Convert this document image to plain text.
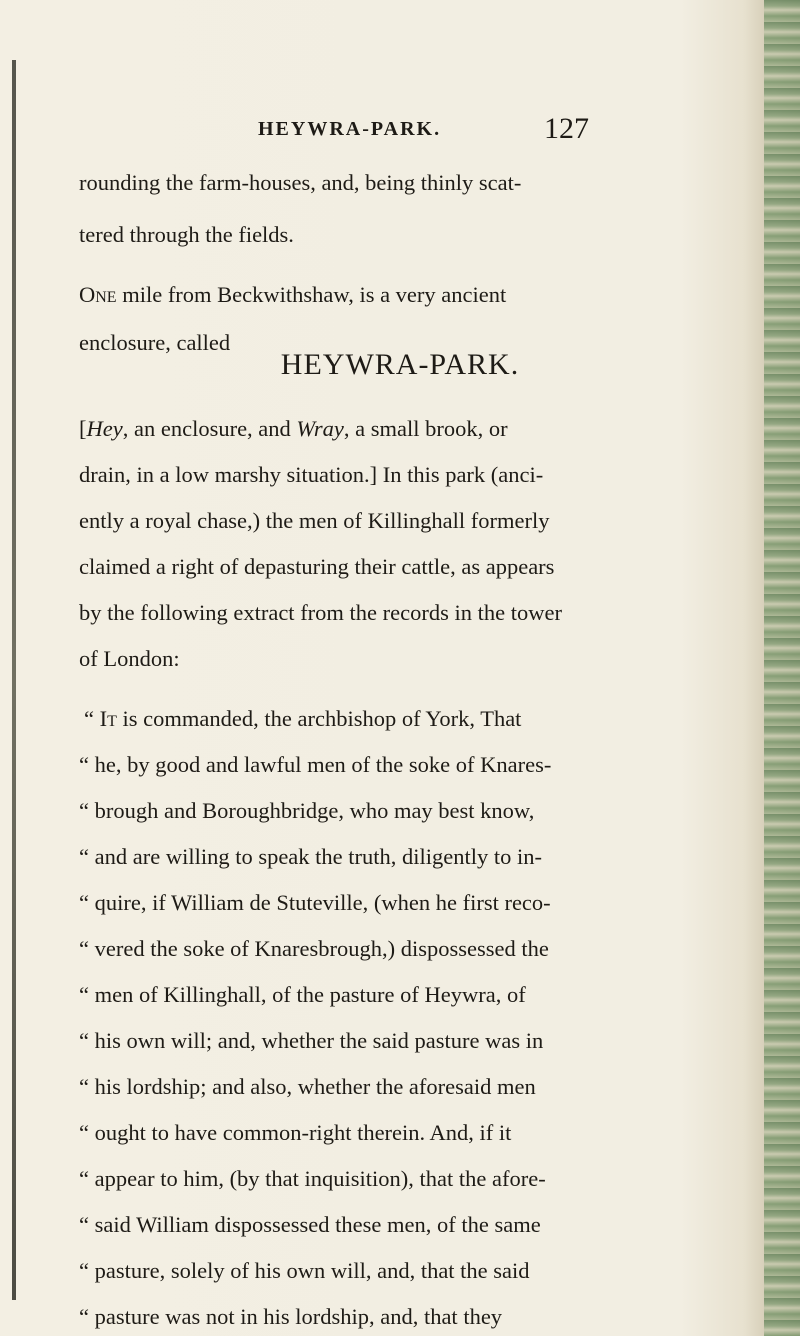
HEYWRA-PARK.	127
rounding the farm-houses, and, being thinly scat-
tered through the fields.
One mile from Beckwithshaw, is a very ancient
enclosure, called
HEYWRA-PARK.
[Hey, an enclosure, and Wray, a small brook, or
drain, in a low marshy situation.] In this park (anci-
ently a royal chase,) the men of Killinghall formerly
claimed a right of depasturing their cattle, as appears
by the following extract from the records in the tower
of London:
“ It is commanded, the archbishop of York, That
“ he, by good and lawful men of the soke of Knares-
“ brough and Boroughbridge, who may best know,
“ and are willing to speak the truth, diligently to in-
“ quire, if William de Stuteville, (when he first reco-
“ vered the soke of Knaresbrough,) dispossessed the
“ men of Killinghall, of the pasture of Heywra, of
“ his own will; and, whether the said pasture was in
“ his lordship; and also, whether the aforesaid men
“ ought to have common-right therein. And, if it
“ appear to him, (by that inquisition), that the afore-
“ said William dispossessed these men, of the same
“ pasture, solely of his own will, and, that the said
“ pasture was not in his lordship, and, that they
